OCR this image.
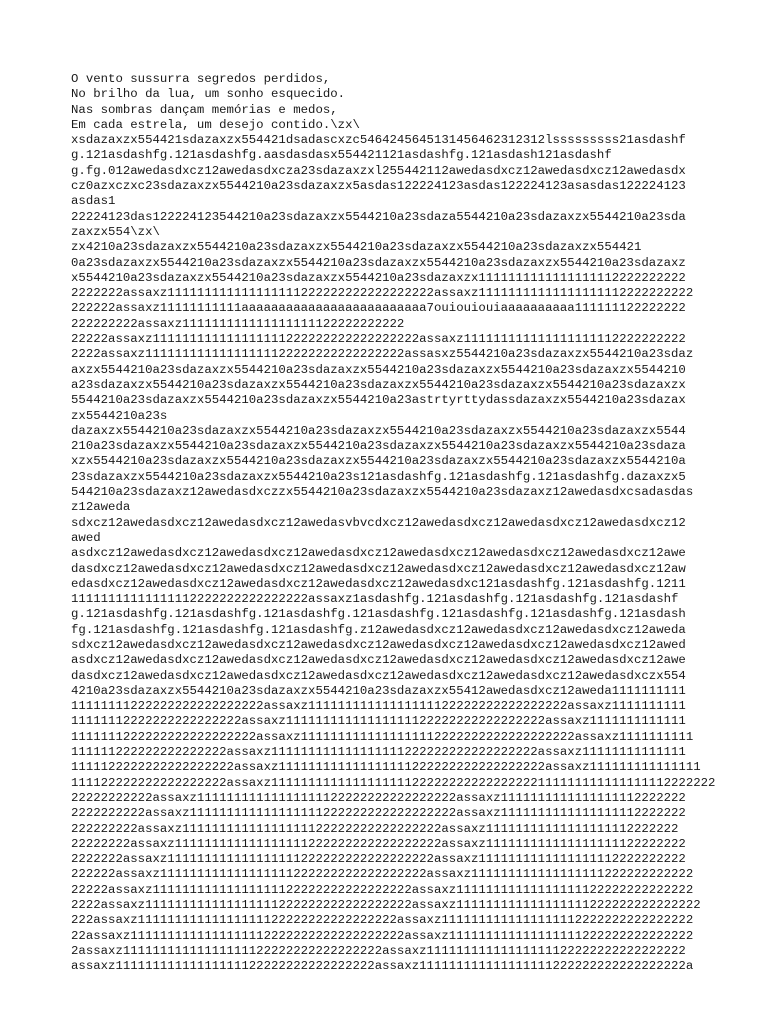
O vento sussurra segredos perdidos,
No brilho da lua, um sonho esquecido.
Nas sombras dançam memórias e medos,
Em cada estrela, um desejo contido.\zx\
xsdazaxzx554421sdazaxzx554421dsadascxzc5464245645131456462312312lsssssssss21asdashf
g.121asdashfg.121asdashfg.aasdasdasx554421121asdashfg.121asdash121asdashf
g.fg.012awedasdxcz12awedasdxcza23sdazaxzxl255442112awedasdxcz12awedasdxcz12awedasdx
cz0azxczxc23sdazaxzx5544210a23sdazaxzx5asdas122224123asdas122224123asasdas122224123
asdas1
22224123das122224123544210a23sdazaxzx5544210a23sdaza5544210a23sdazaxzx5544210a23sda
zaxzx554\zx\
zx4210a23sdazaxzx5544210a23sdazaxzx5544210a23sdazaxzx5544210a23sdazaxzx554421
0a23sdazaxzx5544210a23sdazaxzx5544210a23sdazaxzx5544210a23sdazaxzx5544210a23sdazaxz
x5544210a23sdazaxzx5544210a23sdazaxzx5544210a23sdazaxzx1111111111111111112222222222
2222222assaxz111111111111111111222222222222222222assaxz11111111111111111112222222222
222222assaxz11111111111aaaaaaaaaaaaaaaaaaaaaaaaa7ouiouiouiaaaaaaaaaa111111122222222
222222222assaxz111111111111111111122222222222
22222assaxz111111111111111111222222222222222222assaxz111111111111111111112222222222
2222assaxz11111111111111111122222222222222222assasxz5544210a23sdazaxzx5544210a23sdaz
axzx5544210a23sdazaxzx5544210a23sdazaxzx5544210a23sdazaxzx5544210a23sdazaxzx5544210
a23sdazaxzx5544210a23sdazaxzx5544210a23sdazaxzx5544210a23sdazaxzx5544210a23sdazaxzx
5544210a23sdazaxzx5544210a23sdazaxzx5544210a23astrtyrttydassdazaxzx5544210a23sdazax
zx5544210a23s
dazaxzx5544210a23sdazaxzx5544210a23sdazaxzx5544210a23sdazaxzx5544210a23sdazaxzx5544
210a23sdazaxzx5544210a23sdazaxzx5544210a23sdazaxzx5544210a23sdazaxzx5544210a23sdaza
xzx5544210a23sdazaxzx5544210a23sdazaxzx5544210a23sdazaxzx5544210a23sdazaxzx5544210a
23sdazaxzx5544210a23sdazaxzx5544210a23s121asdashfg.121asdashfg.121asdashfg.dazaxzx5
544210a23sdazaxz12awedasdxczzx5544210a23sdazaxzx5544210a23sdazaxz12awedasdxcsadasdas
z12aweda
sdxcz12awedasdxcz12awedasdxcz12awedasvbvcdxcz12awedasdxcz12awedasdxcz12awedasdxcz12
awed
asdxcz12awedasdxcz12awedasdxcz12awedasdxcz12awedasdxcz12awedasdxcz12awedasdxcz12awe
dasdxcz12awedasdxcz12awedasdxcz12awedasdxcz12awedasdxcz12awedasdxcz12awedasdxcz12aw
edasdxcz12awedasdxcz12awedasdxcz12awedasdxcz12awedasdxc121asdashfg.121asdashfg.1211
11111111111111112222222222222222assaxz1asdashfg.121asdashfg.121asdashfg.121asdashf
g.121asdashfg.121asdashfg.121asdashfg.121asdashfg.121asdashfg.121asdashfg.121asdash
fg.121asdashfg.121asdashfg.121asdashfg.z12awedasdxcz12awedasdxcz12awedasdxcz12aweda
sdxcz12awedasdxcz12awedasdxcz12awedasdxcz12awedasdxcz12awedasdxcz12awedasdxcz12awed
asdxcz12awedasdxcz12awedasdxcz12awedasdxcz12awedasdxcz12awedasdxcz12awedasdxcz12awe
dasdxcz12awedasdxcz12awedasdxcz12awedasdxcz12awedasdxcz12awedasdxcz12awedasdxczx554
4210a23sdazaxzx5544210a23sdazaxzx5544210a23sdazaxzx55412awedasdxcz12aweda1111111111
11111111222222222222222222assaxz11111111111111111122222222222222222assaxz1111111111
11111112222222222222222assaxz11111111111111111122222222222222222assaxz1111111111111
1111111222222222222222222assaxz1111111111111111112222222222222222222assaxz1111111111
111111222222222222222assaxz111111111111111111222222222222222222assaxz11111111111111
1111122222222222222222assaxz111111111111111111222222222222222222assaxz111111111111111
111122222222222222222assaxz111111111111111111122222222222222222111111111111111112222222
22222222222assaxz11111111111111111122222222222222222assaxz1111111111111111112222222
2222222222assaxz111111111111111111222222222222222222assaxz1111111111111111112222222
222222222assaxz11111111111111111122222222222222222assaxz11111111111111111112222222
22222222assaxz111111111111111111222222222222222222assaxz111111111111111111122222222
2222222assaxz111111111111111111222222222222222222assaxz1111111111111111112222222222
222222assaxz111111111111111111222222222222222222assaxz111111111111111111222222222222
22222assaxz11111111111111111122222222222222222assaxz11111111111111111122222222222222
2222assaxz111111111111111111222222222222222222assaxz111111111111111111222222222222222
222assaxz11111111111111111122222222222222222assaxz1111111111111111112222222222222222
22assaxz1111111111111111112222222222222222222assaxz111111111111111111222222222222222
2assaxz11111111111111111122222222222222222assaxz11111111111111111122222222222222222
assaxz11111111111111111122222222222222222assaxz111111111111111111222222222222222222a
